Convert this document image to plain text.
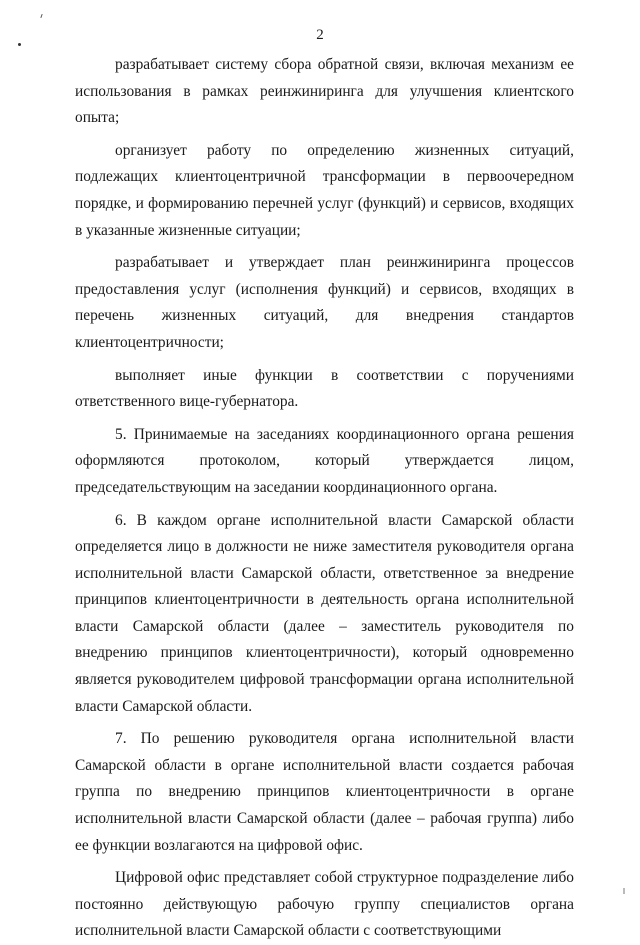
2

разрабатывает систему сбора обратной связи, включая механизм ее использования в рамках реинжиниринга для улучшения клиентского опыта;

организует работу по определению жизненных ситуаций, подлежащих клиентоцентричной трансформации в первоочередном порядке, и формированию перечней услуг (функций) и сервисов, входящих в указанные жизненные ситуации;

разрабатывает и утверждает план реинжиниринга процессов предоставления услуг (исполнения функций) и сервисов, входящих в перечень жизненных ситуаций, для внедрения стандартов клиентоцентричности;

выполняет иные функции в соответствии с поручениями ответственного вице-губернатора.

5. Принимаемые на заседаниях координационного органа решения оформляются протоколом, который утверждается лицом, председательствующим на заседании координационного органа.

6. В каждом органе исполнительной власти Самарской области определяется лицо в должности не ниже заместителя руководителя органа исполнительной власти Самарской области, ответственное за внедрение принципов клиентоцентричности в деятельность органа исполнительной власти Самарской области (далее – заместитель руководителя по внедрению принципов клиентоцентричности), который одновременно является руководителем цифровой трансформации органа исполнительной власти Самарской области.

7. По решению руководителя органа исполнительной власти Самарской области в органе исполнительной власти создается рабочая группа по внедрению принципов клиентоцентричности в органе исполнительной власти Самарской области (далее – рабочая группа) либо ее функции возлагаются на цифровой офис.

Цифровой офис представляет собой структурное подразделение либо постоянно действующую рабочую группу специалистов органа исполнительной власти Самарской области с соответствующими
